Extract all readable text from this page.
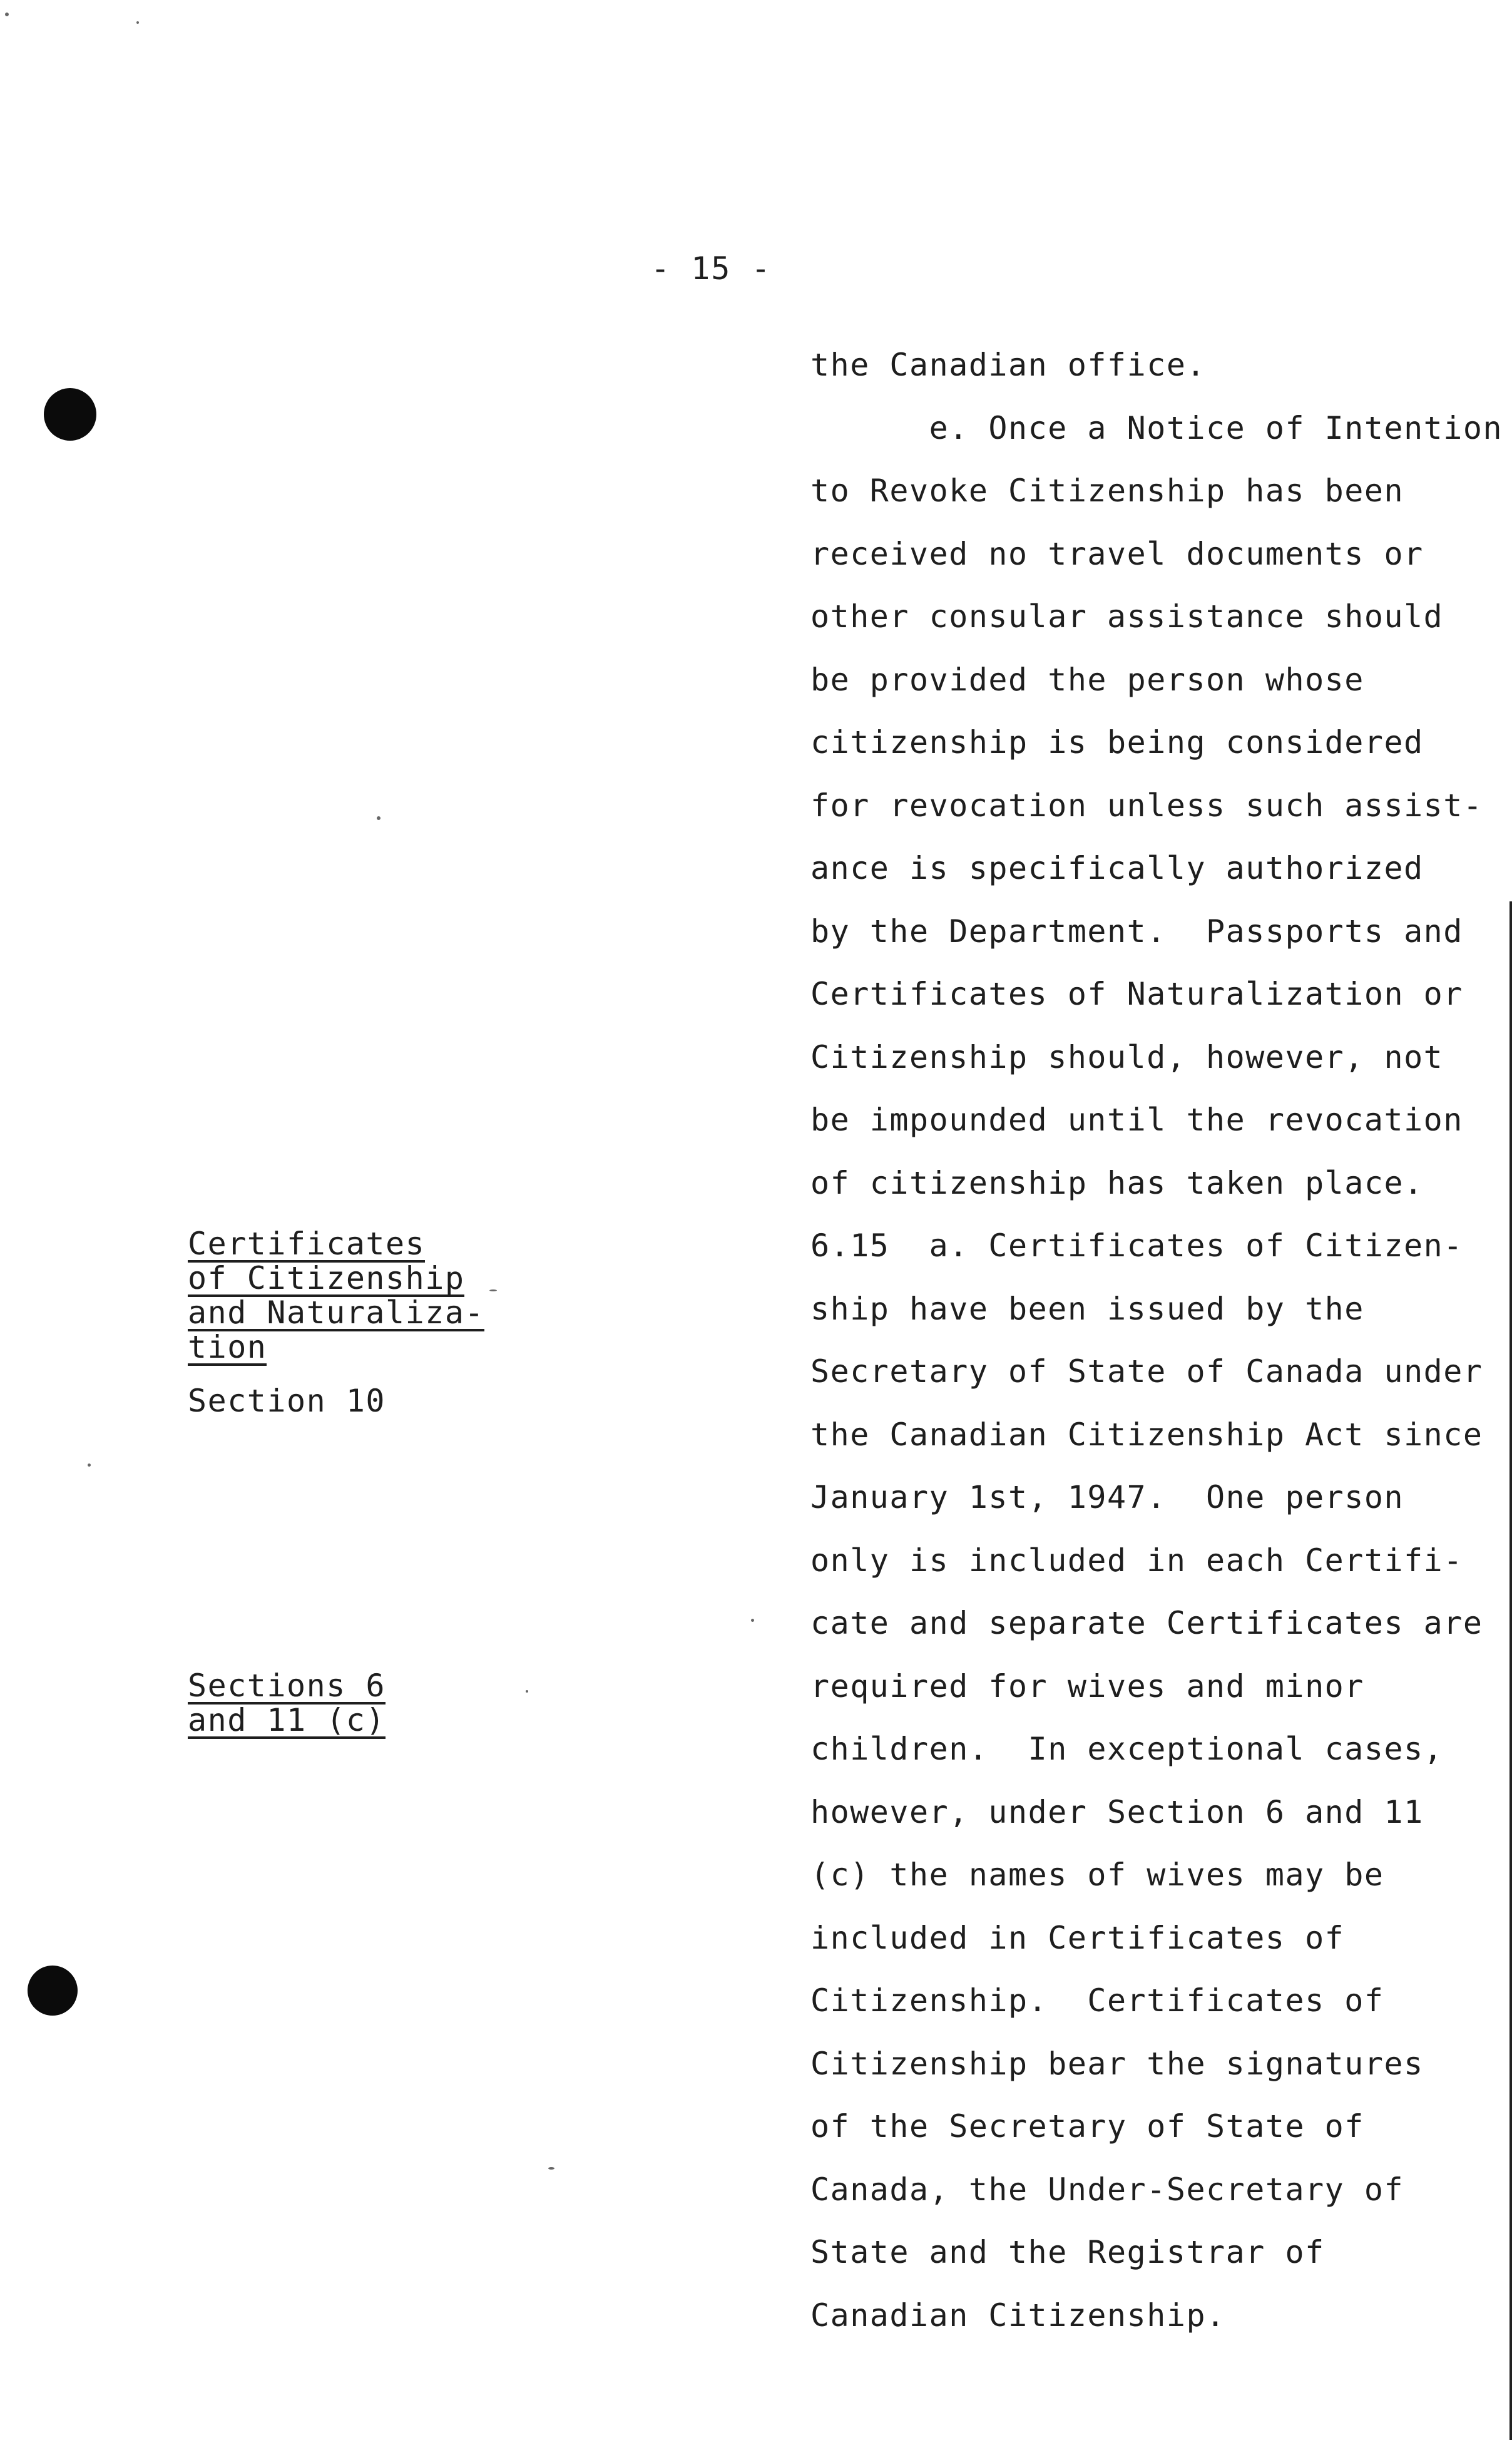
- 15 -
Certificates
of Citizenship
and Naturaliza-
tion
Section 10
Sections 6
and 11 (c)
the Canadian office.
e. Once a Notice of Intention
to Revoke Citizenship has been
received no travel documents or
other consular assistance should
be provided the person whose
citizenship is being considered
for revocation unless such assist-
ance is specifically authorized
by the Department.  Passports and
Certificates of Naturalization or
Citizenship should, however, not
be impounded until the revocation
of citizenship has taken place.
6.15  a. Certificates of Citizen-
ship have been issued by the
Secretary of State of Canada under
the Canadian Citizenship Act since
January 1st, 1947.  One person
only is included in each Certifi-
cate and separate Certificates are
required for wives and minor
children.  In exceptional cases,
however, under Section 6 and 11
(c) the names of wives may be
included in Certificates of
Citizenship.  Certificates of
Citizenship bear the signatures
of the Secretary of State of
Canada, the Under-Secretary of
State and the Registrar of
Canadian Citizenship.
